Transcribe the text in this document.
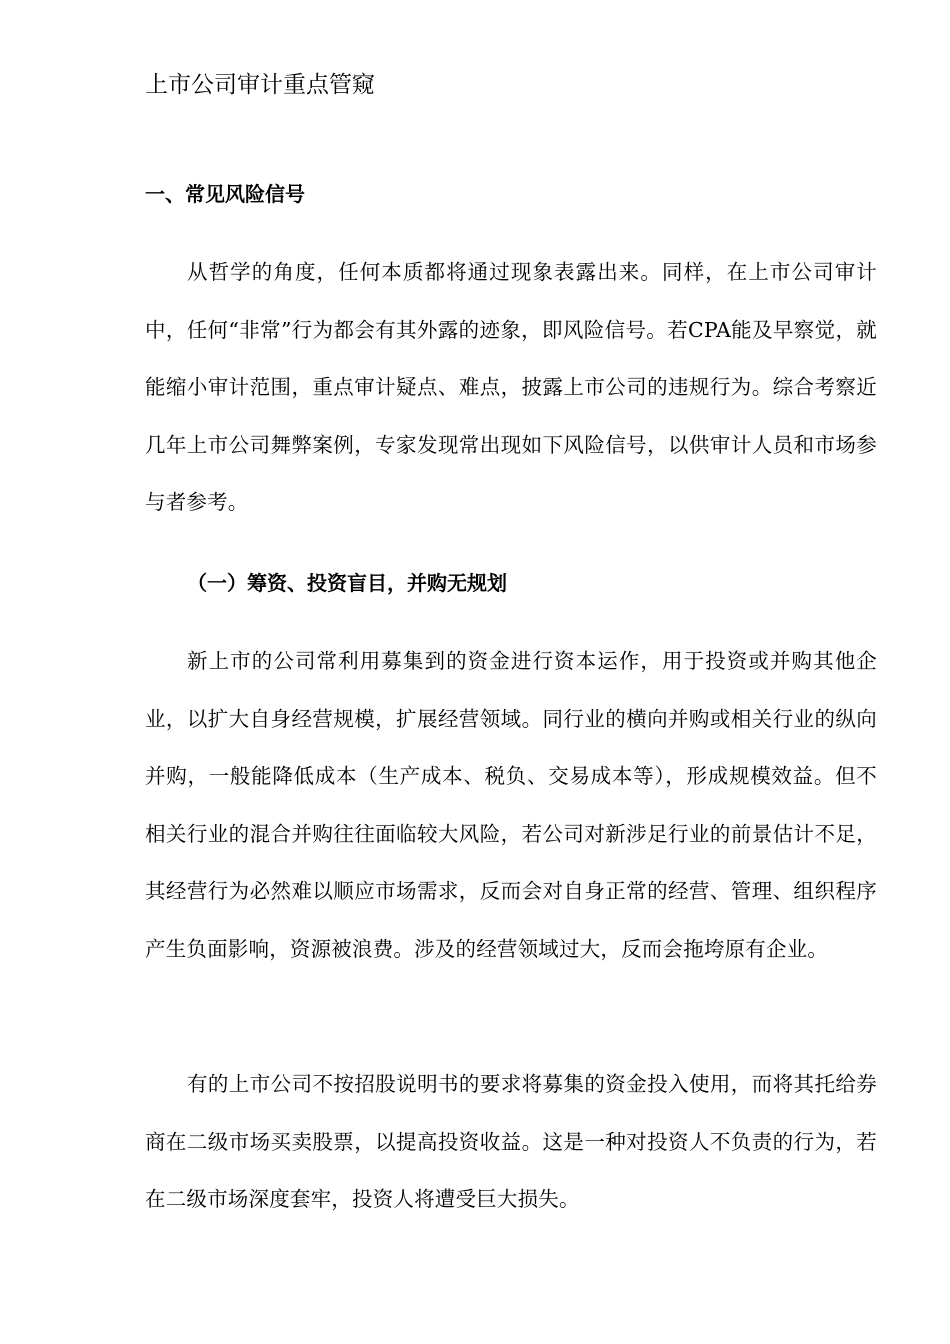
上市公司审计重点管窥
一、常见风险信号

从哲学的角度，任何本质都将通过现象表露出来。同样，在上市公司审计中，任何“非常”行为都会有其外露的迹象，即风险信号。若CPA能及早察觉，就能缩小审计范围，重点审计疑点、难点，披露上市公司的违规行为。综合考察近几年上市公司舞弊案例，专家发现常出现如下风险信号，以供审计人员和市场参与者参考。

（一）筹资、投资盲目，并购无规划

新上市的公司常利用募集到的资金进行资本运作，用于投资或并购其他企业，以扩大自身经营规模，扩展经营领域。同行业的横向并购或相关行业的纵向并购，一般能降低成本（生产成本、税负、交易成本等），形成规模效益。但不相关行业的混合并购往往面临较大风险，若公司对新涉足行业的前景估计不足，其经营行为必然难以顺应市场需求，反而会对自身正常的经营、管理、组织程序产生负面影响，资源被浪费。涉及的经营领域过大，反而会拖垮原有企业。

有的上市公司不按招股说明书的要求将募集的资金投入使用，而将其托给券商在二级市场买卖股票，以提高投资收益。这是一种对投资人不负责的行为，若在二级市场深度套牢，投资人将遭受巨大损失。
